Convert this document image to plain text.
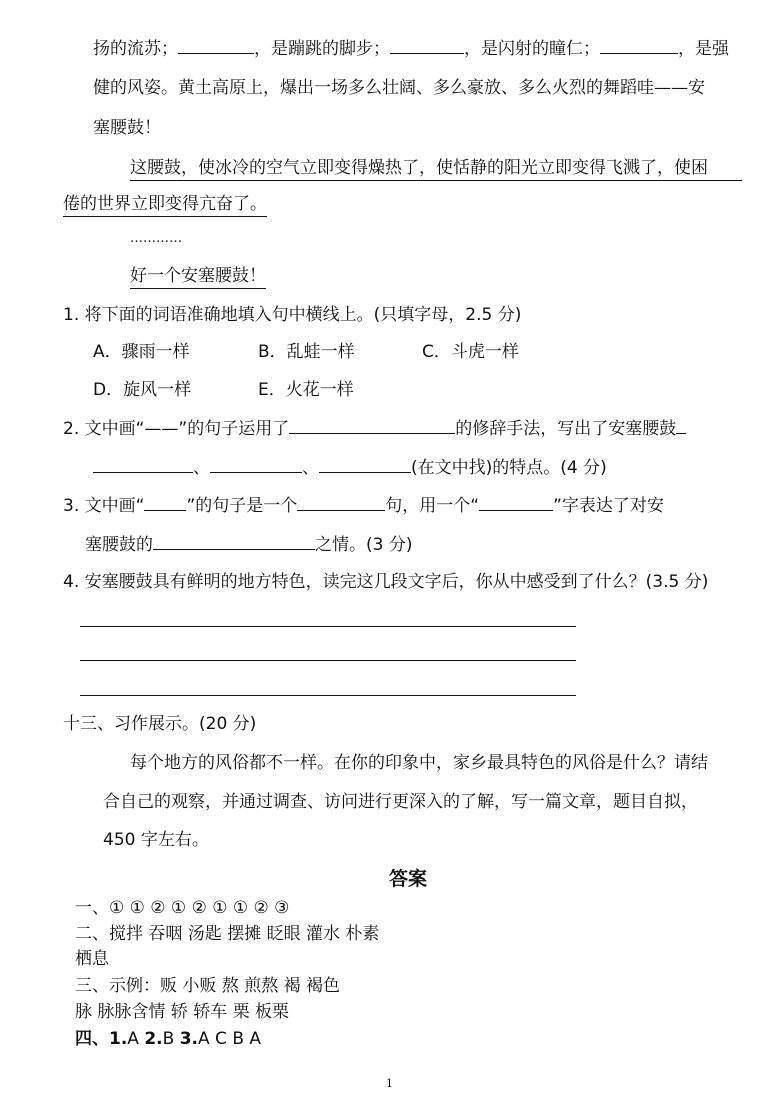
扬的流苏；	，是蹦跳的脚步；	，是闪射的瞳仁；	，是强
健的风姿。黄土高原上，爆出一场多么壮阔、多么豪放、多么火烈的舞蹈哇——安
塞腰鼓！
这腰鼓，使冰冷的空气立即变得燥热了，使恬静的阳光立即变得飞溅了，使困
倦的世界立即变得亢奋了。
…………
好一个安塞腰鼓！
1. 将下面的词语准确地填入句中横线上。(只填字母，2.5 分)
A．骤雨一样	B．乱蛙一样	C．斗虎一样
D．旋风一样	E．火花一样
2. 文中画“——”的句子运用了	的修辞手法，写出了安塞腰鼓
、	、	(在文中找)的特点。(4 分)
3. 文中画“ ”的句子是一个	句，用一个“	”字表达了对安
塞腰鼓的	之情。(3 分)
4. 安塞腰鼓具有鲜明的地方特色，读完这几段文字后，你从中感受到了什么？(3.5 分)
十三、习作展示。(20 分)
每个地方的风俗都不一样。在你的印象中，家乡最具特色的风俗是什么？请结
合自己的观察，并通过调查、访问进行更深入的了解，写一篇文章，题目自拟，
450 字左右。
答案
一、① ① ② ① ② ① ① ② ③
二、搅拌 吞咽 汤匙 摆摊 眨眼 灌水 朴素
栖息
三、示例：贩 小贩 熬 煎熬 褐 褐色
脉 脉脉含情 轿 轿车 栗 板栗
四、1.A 2.B 3.A C B A
1
